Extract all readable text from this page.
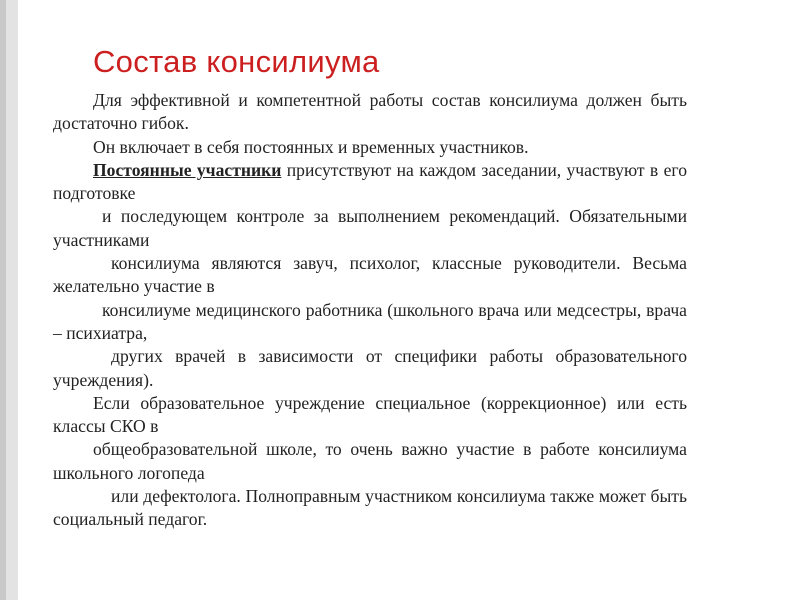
Состав консилиума

Для эффективной и компетентной работы состав консилиума должен быть достаточно гибок.

Он включает в себя постоянных и временных участников.

Постоянные участники присутствуют на каждом заседании, участвуют в его подготовке

и последующем контроле за выполнением рекомендаций. Обязательными участниками

консилиума являются завуч, психолог, классные руководители. Весьма желательно участие в

консилиуме медицинского работника (школьного врача или медсестры, врача – психиатра,

других врачей в зависимости от специфики работы образовательного учреждения).

Если образовательное учреждение специальное (коррекционное) или есть классы СКО в

общеобразовательной школе, то очень важно участие в работе консилиума школьного логопеда

или дефектолога. Полноправным участником консилиума также может быть социальный педагог.
